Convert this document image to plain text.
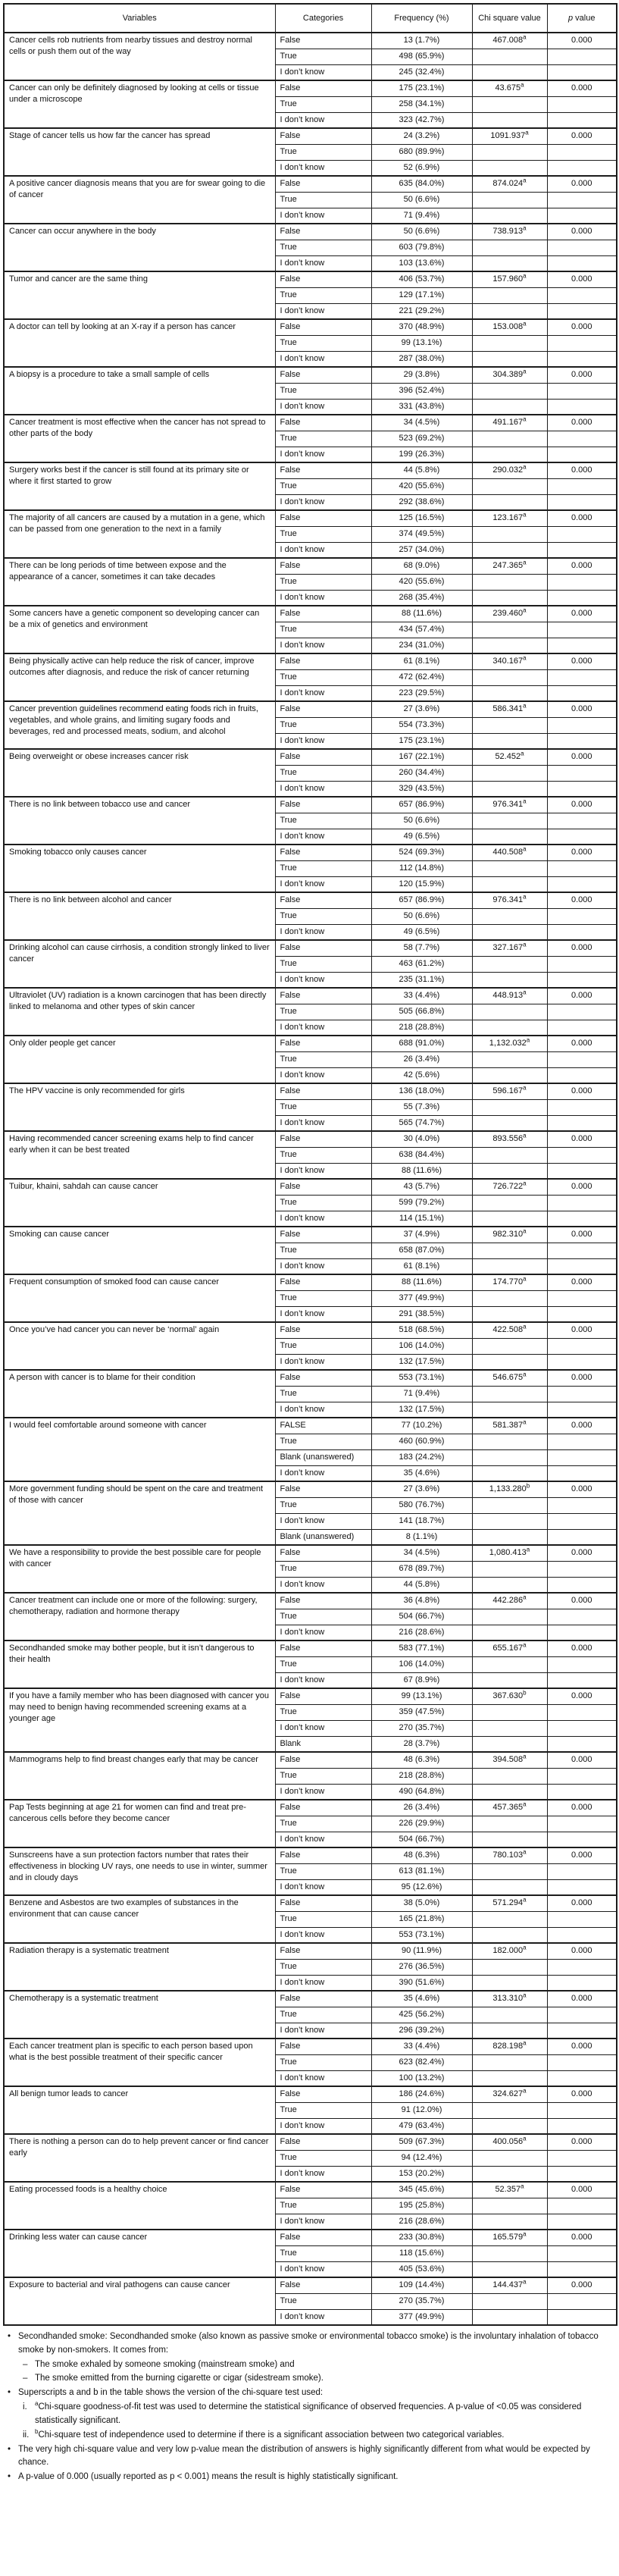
Variables	Categories	Frequency (%)	Chi square value	p value
Cancer cells rob nutrients from nearby tissues and destroy normal cells or push them out of the way	False	13 (1.7%)	467.008$^a$	0.000
	True	498 (65.9%)		
	I don’t know	245 (32.4%)		
Cancer can only be definitely diagnosed by looking at cells or tissue under a microscope	False	175 (23.1%)	43.675$^a$	0.000
	True	258 (34.1%)		
	I don’t know	323 (42.7%)		
Stage of cancer tells us how far the cancer has spread	False	24 (3.2%)	1091.937$^a$	0.000
	True	680 (89.9%)		
	I don’t know	52 (6.9%)		
A positive cancer diagnosis means that you are for swear going to die of cancer	False	635 (84.0%)	874.024$^a$	0.000
	True	50 (6.6%)		
	I don’t know	71 (9.4%)		
Cancer can occur anywhere in the body	False	50 (6.6%)	738.913$^a$	0.000
	True	603 (79.8%)		
	I don’t know	103 (13.6%)		
Tumor and cancer are the same thing	False	406 (53.7%)	157.960$^a$	0.000
	True	129 (17.1%)		
	I don’t know	221 (29.2%)		
A doctor can tell by looking at an X-ray if a person has cancer	False	370 (48.9%)	153.008$^a$	0.000
	True	99 (13.1%)		
	I don’t know	287 (38.0%)		
A biopsy is a procedure to take a small sample of cells	False	29 (3.8%)	304.389$^a$	0.000
	True	396 (52.4%)		
	I don’t know	331 (43.8%)		
Cancer treatment is most effective when the cancer has not spread to other parts of the body	False	34 (4.5%)	491.167$^a$	0.000
	True	523 (69.2%)		
	I don’t know	199 (26.3%)		
Surgery works best if the cancer is still found at its primary site or where it first started to grow	False	44 (5.8%)	290.032$^a$	0.000
	True	420 (55.6%)		
	I don’t know	292 (38.6%)		
The majority of all cancers are caused by a mutation in a gene, which can be passed from one generation to the next in a family	False	125 (16.5%)	123.167$^a$	0.000
	True	374 (49.5%)		
	I don’t know	257 (34.0%)		
There can be long periods of time between expose and the appearance of a cancer, sometimes it can take decades	False	68 (9.0%)	247.365$^a$	0.000
	True	420 (55.6%)		
	I don’t know	268 (35.4%)		
Some cancers have a genetic component so developing cancer can be a mix of genetics and environment	False	88 (11.6%)	239.460$^a$	0.000
	True	434 (57.4%)		
	I don’t know	234 (31.0%)		
Being physically active can help reduce the risk of cancer, improve outcomes after diagnosis, and reduce the risk of cancer returning	False	61 (8.1%)	340.167$^a$	0.000
	True	472 (62.4%)		
	I don’t know	223 (29.5%)		
Cancer prevention guidelines recommend eating foods rich in fruits, vegetables, and whole grains, and limiting sugary foods and beverages, red and processed meats, sodium, and alcohol	False	27 (3.6%)	586.341$^a$	0.000
	True	554 (73.3%)		
	I don’t know	175 (23.1%)		
Being overweight or obese increases cancer risk	False	167 (22.1%)	52.452$^a$	0.000
	True	260 (34.4%)		
	I don’t know	329 (43.5%)		
There is no link between tobacco use and cancer	False	657 (86.9%)	976.341$^a$	0.000
	True	50 (6.6%)		
	I don’t know	49 (6.5%)		
Smoking tobacco only causes cancer	False	524 (69.3%)	440.508$^a$	0.000
	True	112 (14.8%)		
	I don’t know	120 (15.9%)		
There is no link between alcohol and cancer	False	657 (86.9%)	976.341$^a$	0.000
	True	50 (6.6%)		
	I don’t know	49 (6.5%)		
Drinking alcohol can cause cirrhosis, a condition strongly linked to liver cancer	False	58 (7.7%)	327.167$^a$	0.000
	True	463 (61.2%)		
	I don’t know	235 (31.1%)		
Ultraviolet (UV) radiation is a known carcinogen that has been directly linked to melanoma and other types of skin cancer	False	33 (4.4%)	448.913$^a$	0.000
	True	505 (66.8%)		
	I don’t know	218 (28.8%)		
Only older people get cancer	False	688 (91.0%)	1,132.032$^a$	0.000
	True	26 (3.4%)		
	I don’t know	42 (5.6%)		
The HPV vaccine is only recommended for girls	False	136 (18.0%)	596.167$^a$	0.000
	True	55 (7.3%)		
	I don’t know	565 (74.7%)		
Having recommended cancer screening exams help to find cancer early when it can be best treated	False	30 (4.0%)	893.556$^a$	0.000
	True	638 (84.4%)		
	I don’t know	88 (11.6%)		
Tuibur, khaini, sahdah can cause cancer	False	43 (5.7%)	726.722$^a$	0.000
	True	599 (79.2%)		
	I don’t know	114 (15.1%)		
Smoking can cause cancer	False	37 (4.9%)	982.310$^a$	0.000
	True	658 (87.0%)		
	I don’t know	61 (8.1%)		
Frequent consumption of smoked food can cause cancer	False	88 (11.6%)	174.770$^a$	0.000
	True	377 (49.9%)		
	I don’t know	291 (38.5%)		
Once you’ve had cancer you can never be ‘normal’ again	False	518 (68.5%)	422.508$^a$	0.000
	True	106 (14.0%)		
	I don’t know	132 (17.5%)		
A person with cancer is to blame for their condition	False	553 (73.1%)	546.675$^a$	0.000
	True	71 (9.4%)		
	I don’t know	132 (17.5%)		
I would feel comfortable around someone with cancer	FALSE	77 (10.2%)	581.387$^a$	0.000
	True	460 (60.9%)		
	Blank (unanswered)	183 (24.2%)		
	I don’t know	35 (4.6%)		
More government funding should be spent on the care and treatment of those with cancer	False	27 (3.6%)	1,133.280$^b$	0.000
	True	580 (76.7%)		
	I don’t know	141 (18.7%)		
	Blank (unanswered)	8 (1.1%)		
We have a responsibility to provide the best possible care for people with cancer	False	34 (4.5%)	1,080.413$^a$	0.000
	True	678 (89.7%)		
	I don’t know	44 (5.8%)		
Cancer treatment can include one or more of the following: surgery, chemotherapy, radiation and hormone therapy	False	36 (4.8%)	442.286$^a$	0.000
	True	504 (66.7%)		
	I don’t know	216 (28.6%)		
Secondhanded smoke may bother people, but it isn’t dangerous to their health	False	583 (77.1%)	655.167$^a$	0.000
	True	106 (14.0%)		
	I don’t know	67 (8.9%)		
If you have a family member who has been diagnosed with cancer you may need to benign having recommended screening exams at a younger age	False	99 (13.1%)	367.630$^b$	0.000
	True	359 (47.5%)		
	I don’t know	270 (35.7%)		
	Blank	28 (3.7%)		
Mammograms help to find breast changes early that may be cancer	False	48 (6.3%)	394.508$^a$	0.000
	True	218 (28.8%)		
	I don’t know	490 (64.8%)		
Pap Tests beginning at age 21 for women can find and treat pre-cancerous cells before they become cancer	False	26 (3.4%)	457.365$^a$	0.000
	True	226 (29.9%)		
	I don’t know	504 (66.7%)		
Sunscreens have a sun protection factors number that rates their effectiveness in blocking UV rays, one needs to use in winter, summer and in cloudy days	False	48 (6.3%)	780.103$^a$	0.000
	True	613 (81.1%)		
	I don’t know	95 (12.6%)		
Benzene and Asbestos are two examples of substances in the environment that can cause cancer	False	38 (5.0%)	571.294$^a$	0.000
	True	165 (21.8%)		
	I don’t know	553 (73.1%)		
Radiation therapy is a systematic treatment	False	90 (11.9%)	182.000$^a$	0.000
	True	276 (36.5%)		
	I don’t know	390 (51.6%)		
Chemotherapy is a systematic treatment	False	35 (4.6%)	313.310$^a$	0.000
	True	425 (56.2%)		
	I don’t know	296 (39.2%)		
Each cancer treatment plan is specific to each person based upon what is the best possible treatment of their specific cancer	False	33 (4.4%)	828.198$^a$	0.000
	True	623 (82.4%)		
	I don’t know	100 (13.2%)		
All benign tumor leads to cancer	False	186 (24.6%)	324.627$^a$	0.000
	True	91 (12.0%)		
	I don’t know	479 (63.4%)		
There is nothing a person can do to help prevent cancer or find cancer early	False	509 (67.3%)	400.056$^a$	0.000
	True	94 (12.4%)		
	I don’t know	153 (20.2%)		
Eating processed foods is a healthy choice	False	345 (45.6%)	52.357$^a$	0.000
	True	195 (25.8%)		
	I don’t know	216 (28.6%)		
Drinking less water can cause cancer	False	233 (30.8%)	165.579$^a$	0.000
	True	118 (15.6%)		
	I don’t know	405 (53.6%)		
Exposure to bacterial and viral pathogens can cause cancer	False	109 (14.4%)	144.437$^a$	0.000
	True	270 (35.7%)		
	I don’t know	377 (49.9%)		
• Secondhanded smoke: Secondhanded smoke (also known as passive smoke or environmental tobacco smoke) is the involuntary inhalation of tobacco smoke by non-smokers. It comes from:
– The smoke exhaled by someone smoking (mainstream smoke) and
– The smoke emitted from the burning cigarette or cigar (sidestream smoke).
• Superscripts a and b in the table shows the version of the chi-square test used:
i.	$^a$Chi-square goodness-of-fit test was used to determine the statistical significance of observed frequencies. A p-value of <0.05 was considered statistically significant.
ii. $^b$Chi-square test of independence used to determine if there is a significant association between two categorical variables.
• The very high chi-square value and very low p-value mean the distribution of answers is highly significantly different from what would be expected by chance.
• A p-value of 0.000 (usually reported as p < 0.001) means the result is highly statistically significant.
